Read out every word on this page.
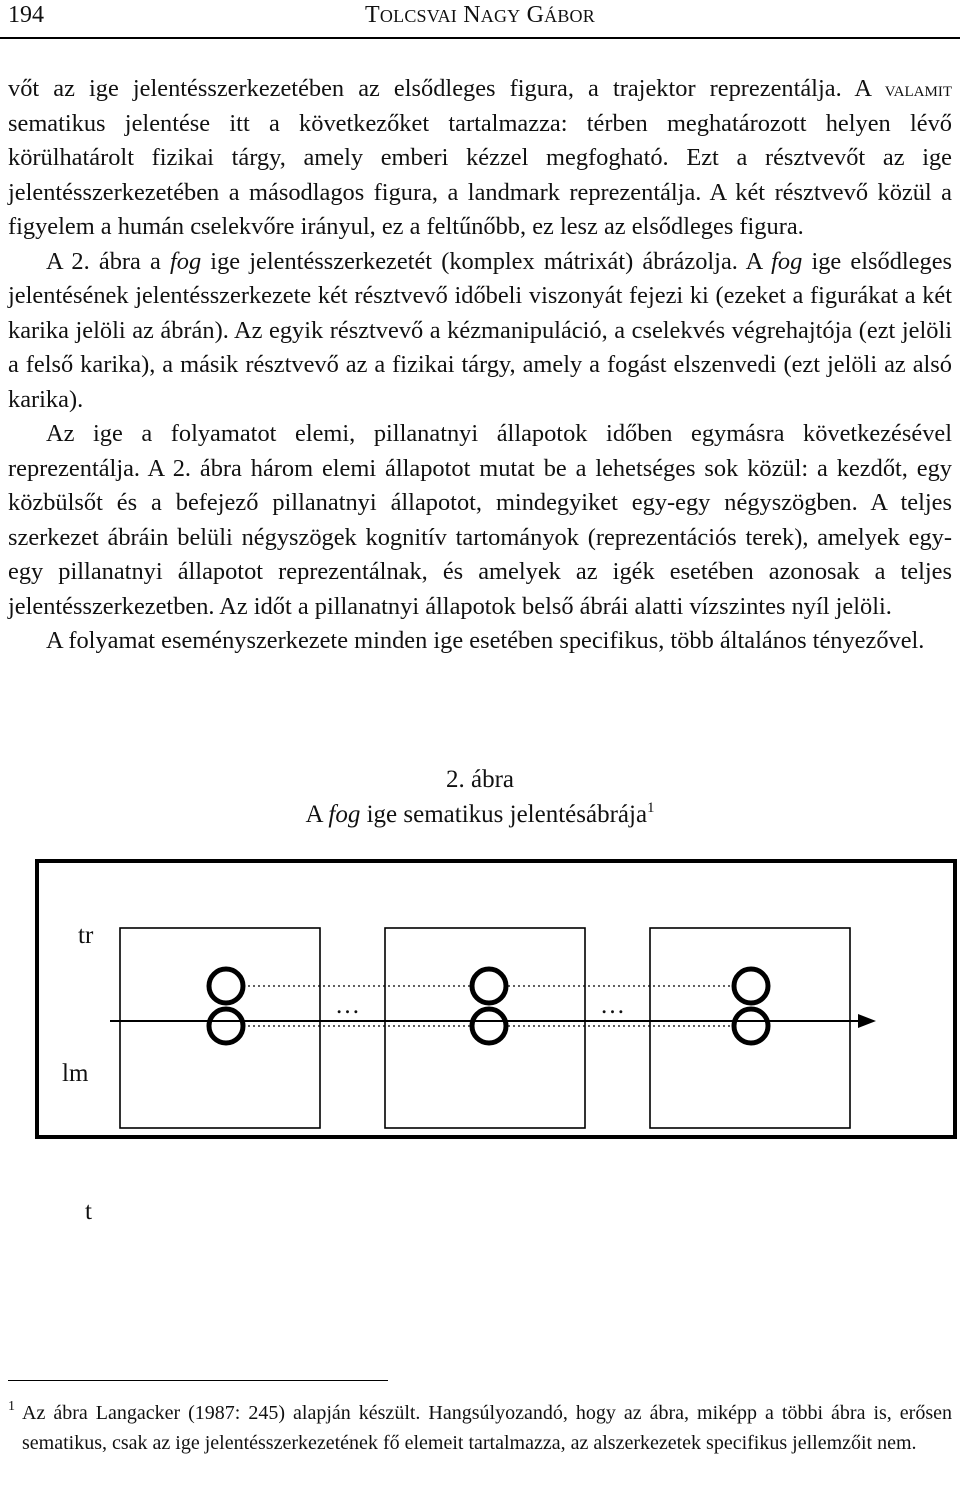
194	TOLCSVAI NAGY GÁBOR

vőt az ige jelentésszerkezetében az elsődleges figura, a trajektor reprezentálja. A valamit sematikus jelentése itt a következőket tartalmazza: térben meghatározott helyen lévő körülhatárolt fizikai tárgy, amely emberi kézzel megfogható. Ezt a résztvevőt az ige jelentésszerkezetében a másodlagos figura, a landmark reprezentálja. A két résztvevő közül a figyelem a humán cselekvőre irányul, ez a feltűnőbb, ez lesz az elsődleges figura.

A 2. ábra a fog ige jelentésszerkezetét (komplex mátrixát) ábrázolja. A fog ige elsődleges jelentésének jelentésszerkezete két résztvevő időbeli viszonyát fejezi ki (ezeket a figurákat a két karika jelöli az ábrán). Az egyik résztvevő a kézmanipuláció, a cselekvés végrehajtója (ezt jelöli a felső karika), a másik résztvevő az a fizikai tárgy, amely a fogást elszenvedi (ezt jelöli az alsó karika).

Az ige a folyamatot elemi, pillanatnyi állapotok időben egymásra következésével reprezentálja. A 2. ábra három elemi állapotot mutat be a lehetséges sok közül: a kezdőt, egy közbülsőt és a befejező pillanatnyi állapotot, mindegyiket egy-egy négyszögben. A teljes szerkezet ábráin belüli négyszögek kognitív tartományok (reprezentációs terek), amelyek egy-egy pillanatnyi állapotot reprezentálnak, és amelyek az igék esetében azonosak a teljes jelentésszerkezetben. Az időt a pillanatnyi állapotok belső ábrái alatti vízszintes nyíl jelöli.

A folyamat eseményszerkezete minden ige esetében specifikus, több általános tényezővel.

2. ábra
A fog ige sematikus jelentésábrája$^1$
tr
lm
t
…	…
1 Az ábra Langacker (1987: 245) alapján készült. Hangsúlyozandó, hogy az ábra, miképp a többi ábra is, erősen sematikus, csak az ige jelentésszerkezetének fő elemeit tartalmazza, az alszerkezetek specifikus jellemzőit nem.
